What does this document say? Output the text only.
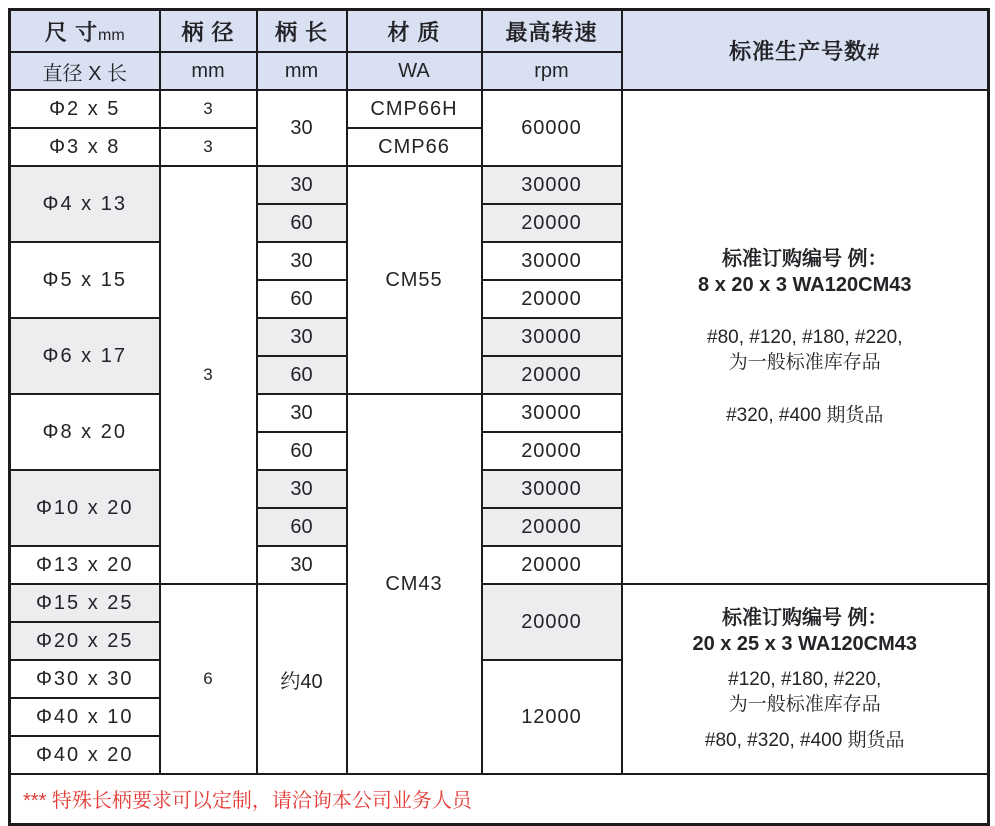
尺 寸mm	柄 径	柄 长	材 质	最高转速	标准生产号数#
直径 X 长	mm	mm	WA	rpm	
Φ2 x 5	3	30	CMP66H	60000	标准订购编号 例：
8 x 20 x 3 WA120CM43
#80, #120, #180, #220,
为一般标准库存品
#320, #400 期货品

Φ3 x 8	3		CMP66		
Φ4 x 13	3	30	CM55	30000	
		60		20000	
Φ5 x 15		30		30000	
		60		20000	
Φ6 x 17		30		30000	
		60		20000	
Φ8 x 20		30	CM43	30000	
		60		20000	
Φ10 x 20		30		30000	
		60		20000	
Φ13 x 20		30		20000	
Φ15 x 25	6	约40		20000	标准订购编号 例：
20 x 25 x 3 WA120CM43
#120, #180, #220,
为一般标准库存品
#80, #320, #400 期货品

Φ20 x 25					
Φ30 x 30				12000	
Φ40 x 10					
Φ40 x 20					
*** 特殊长柄要求可以定制，请洽询本公司业务人员					
